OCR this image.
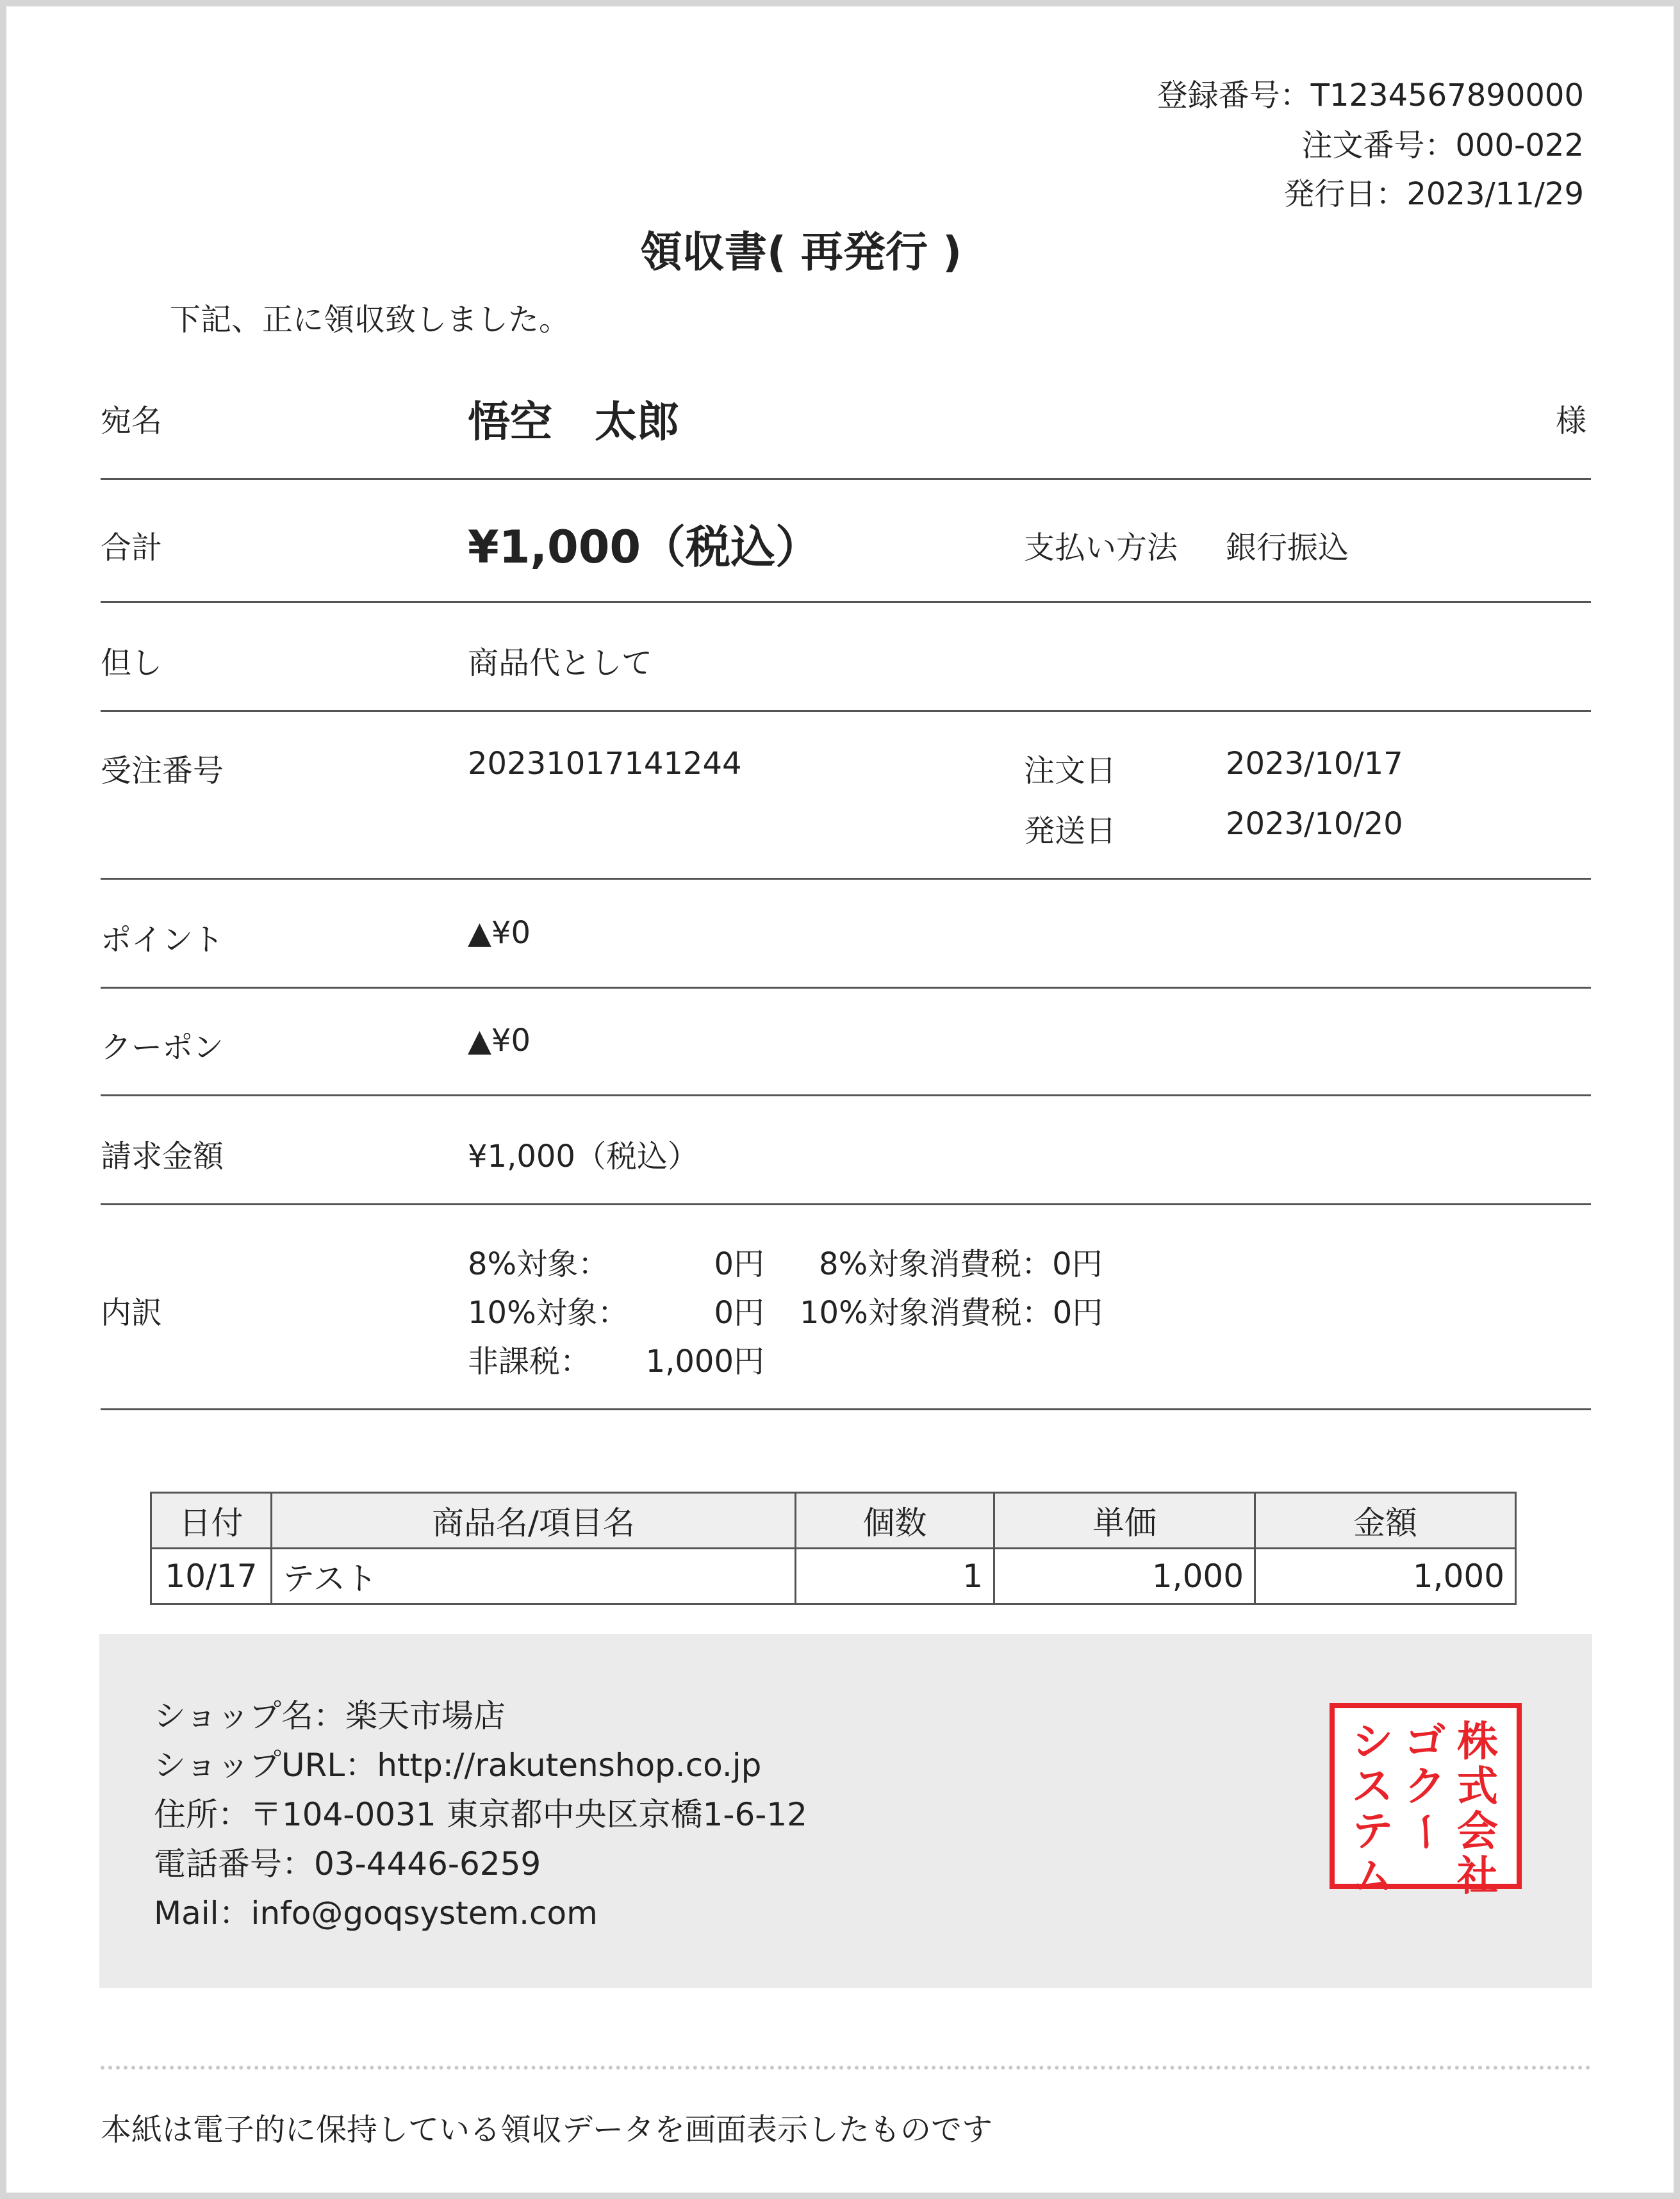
登録番号：T1234567890000
注文番号：000-022
発行日：2023/11/29
領収書( 再発行 )
下記、正に領収致しました。
宛名	悟空　太郎	様
合計	¥1,000（税込）	支払い方法 銀行振込
但し	商品代として
受注番号	20231017141244	注文日	2023/10/17
発送日	2023/10/20
ポイント	▲¥0
クーポン	▲¥0
請求金額	¥1,000（税込）
内訳
8%対象：	0円 8%対象消費税：0円
10%対象：	0円 10%対象消費税：0円
非課税：	1,000円
日付	商品名/項目名	個数	単価	金額
10/17	テスト	1	1,000	1,000
ショップ名：楽天市場店
ショップURL：http://rakutenshop.co.jp
住所：〒104-0031 東京都中央区京橋1-6-12
電話番号：03-4446-6259
Mail：info@goqsystem.com
株
式
会
社
ゴ
ク
ー
シ
ス
テ
ム
本紙は電子的に保持している領収データを画面表示したものです
